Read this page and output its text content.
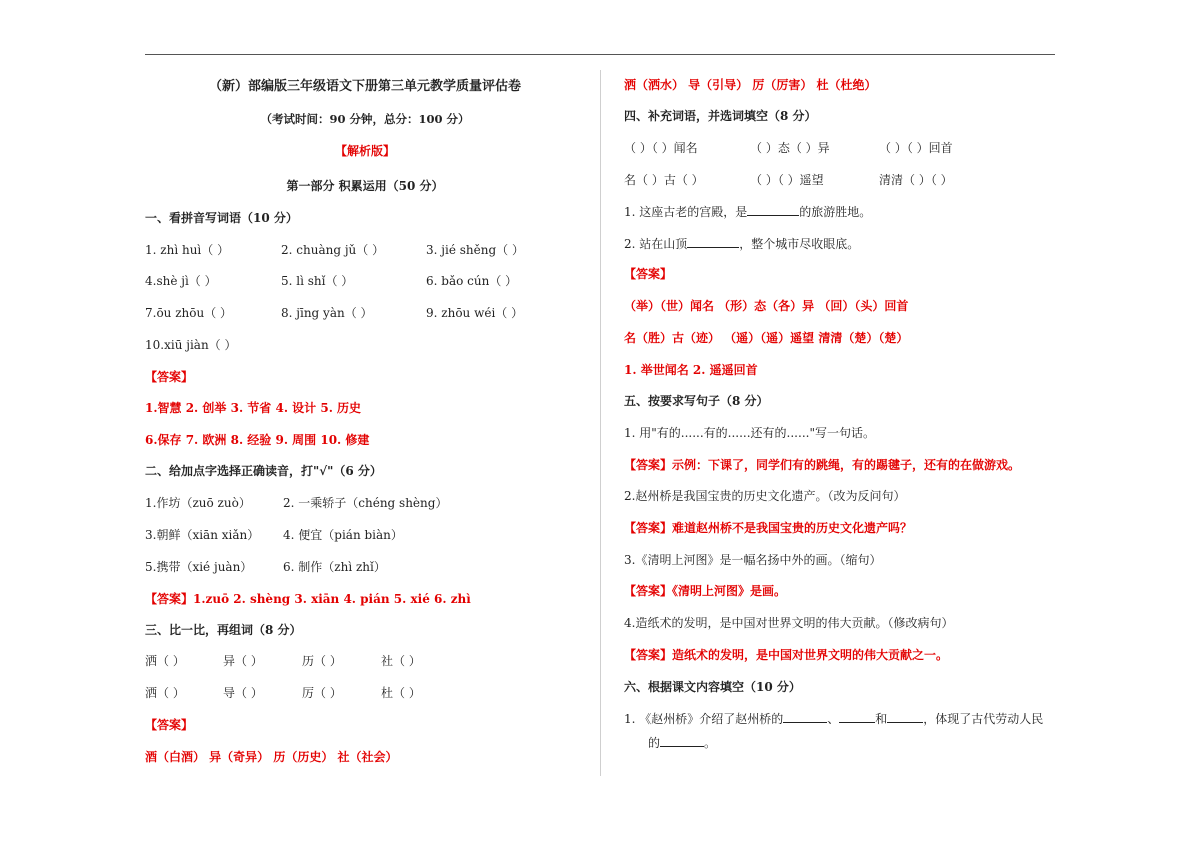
（新）部编版三年级语文下册第三单元教学质量评估卷
（考试时间：90 分钟，总分：100 分）
【解析版】
第一部分 积累运用（50 分）
一、看拼音写词语（10 分）
1. zhì huì（ ）	2. chuàng jǔ（ ）	3. jié shěng（ ）
4.shè jì（ ）	5. lì shǐ（ ）	6. bǎo cún（ ）
7.ōu zhōu（ ）	8. jīng yàn（ ）	9. zhōu wéi（ ）
10.xiū jiàn（ ）
【答案】
1.智慧 2. 创举 3. 节省 4. 设计 5. 历史
6.保存 7. 欧洲 8. 经验 9. 周围 10. 修建
二、给加点字选择正确读音，打"√"（6 分）
1.作坊（zuō zuò）	2. 一乘轿子（chéng shèng）
3.朝鲜（xiān xiǎn） 4. 便宜（pián biàn）
5.携带（xié juàn）	6. 制作（zhì zhǐ）
【答案】1.zuō 2. shèng 3. xiān 4. pián 5. xié 6. zhì
三、比一比，再组词（8 分）
洒（ ）	异（ ）	历（ ）	社（ ）
洒（ ）	导（ ）	厉（ ）	杜（ ）
【答案】
酒（白酒） 异（奇异） 历（历史） 社（社会）
洒（洒水） 导（引导） 厉（厉害） 杜（杜绝）
四、补充词语，并选词填空（8 分）
（ ）（ ）闻名	（ ）态（ ）异	（ ）（ ）回首
名（ ）古（ ）	（ ）（ ）遥望	清清（ ）（ ）
1. 这座古老的宫殿，是	的旅游胜地。
2. 站在山顶	，整个城市尽收眼底。
【答案】
（举）（世）闻名 （形）态（各）异 （回）（头）回首
名（胜）古（迹） （遥）（遥）遥望 清清（楚）（楚）
1. 举世闻名 2. 遥遥回首
五、按要求写句子（8 分）
1. 用"有的......有的......还有的......"写一句话。
【答案】示例：下课了，同学们有的跳绳，有的踢毽子，还有的在做游戏。
2.赵州桥是我国宝贵的历史文化遗产。（改为反问句）
【答案】难道赵州桥不是我国宝贵的历史文化遗产吗？
3.《清明上河图》是一幅名扬中外的画。（缩句）
【答案】《清明上河图》是画。
4.造纸术的发明，是中国对世界文明的伟大贡献。（修改病句）
【答案】造纸术的发明，是中国对世界文明的伟大贡献之一。
六、根据课文内容填空（10 分）
1. 《赵州桥》介绍了赵州桥的	、	和	，体现了古代劳动人民
的	。
